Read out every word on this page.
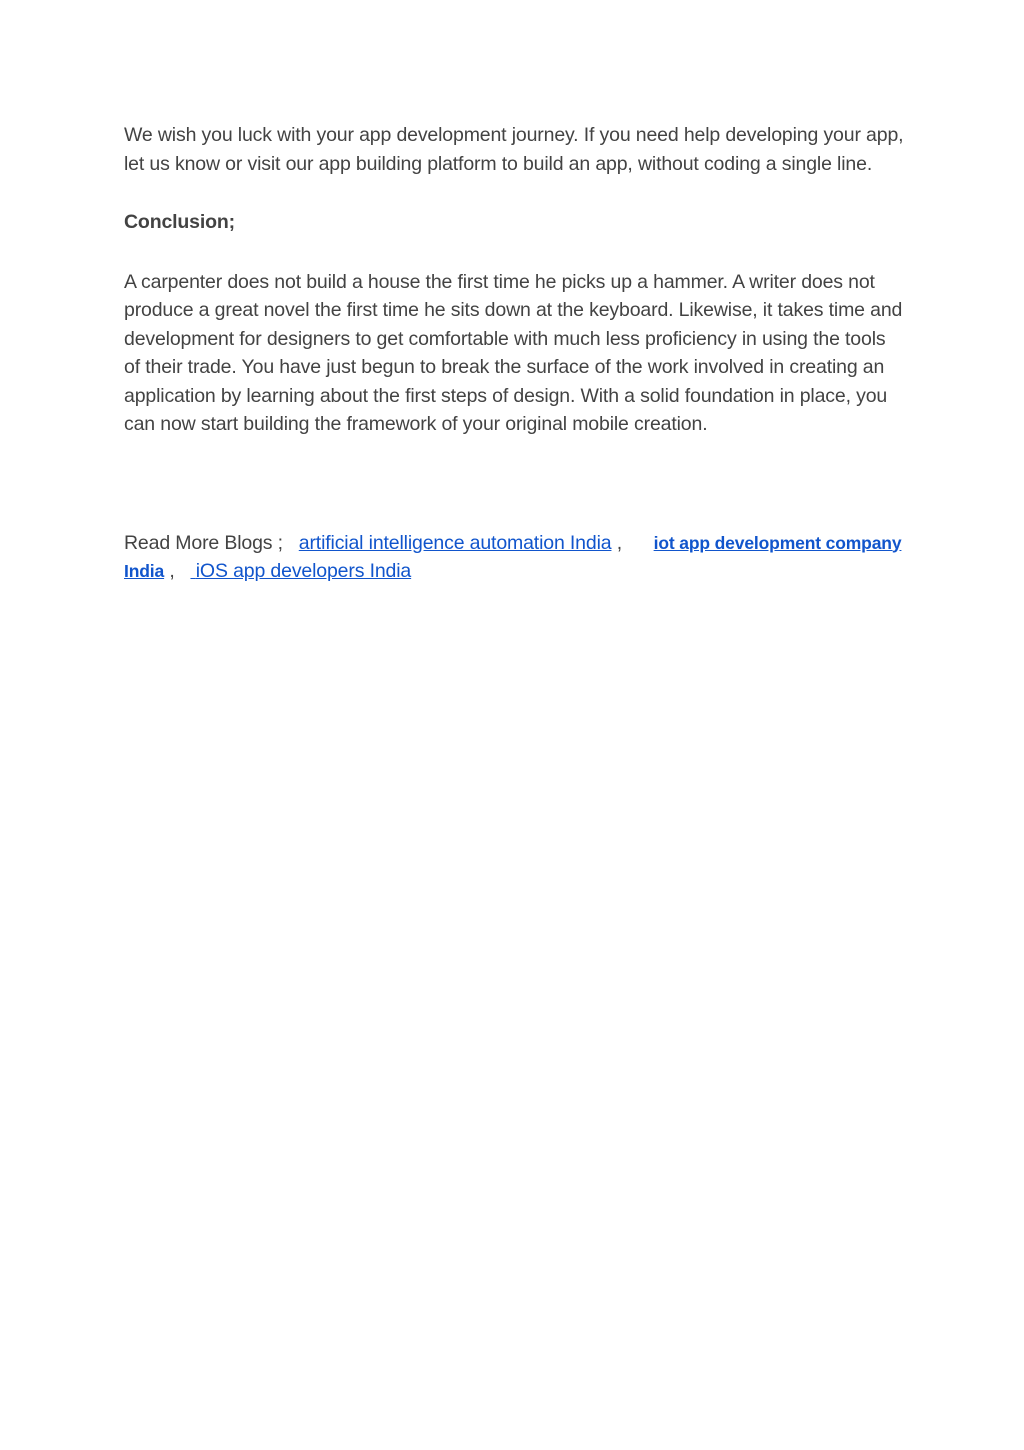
We wish you luck with your app development journey. If you need help developing your app, let us know or visit our app building platform to build an app, without coding a single line.

Conclusion;

A carpenter does not build a house the first time he picks up a hammer. A writer does not produce a great novel the first time he sits down at the keyboard. Likewise, it takes time and development for designers to get comfortable with much less proficiency in using the tools of their trade. You have just begun to break the surface of the work involved in creating an application by learning about the first steps of design. With a solid foundation in place, you can now start building the framework of your original mobile creation.

Read More Blogs ; artificial intelligence automation India , iot app development company India , iOS app developers India
